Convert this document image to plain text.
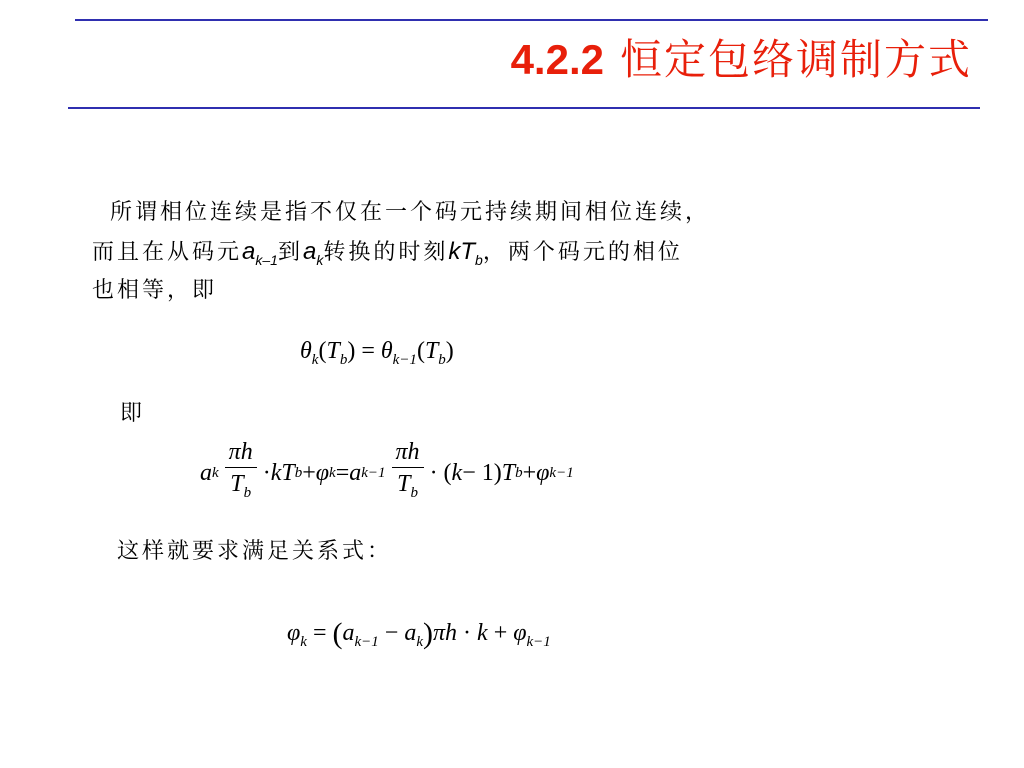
4.2.2 恒定包络调制方式
所谓相位连续是指不仅在一个码元持续期间相位连续，
而且在从码元$a_{k-1}$到$a_k$转换的时刻$kT_b$，两个码元的相位
也相等，即
$\theta_k(T_b) = \theta_{k-1}(T_b)$
即
a k $\frac{\pi h}{T_b}$ · kT b + φ k = a $k-1 \frac{\pi h}{T_b}$ · ( k − 1) T b + φ k−1
这样就要求满足关系式：
$\varphi_k = (a_{k-1} - a_k)\pi h \cdot k + \varphi_{k-1}$
